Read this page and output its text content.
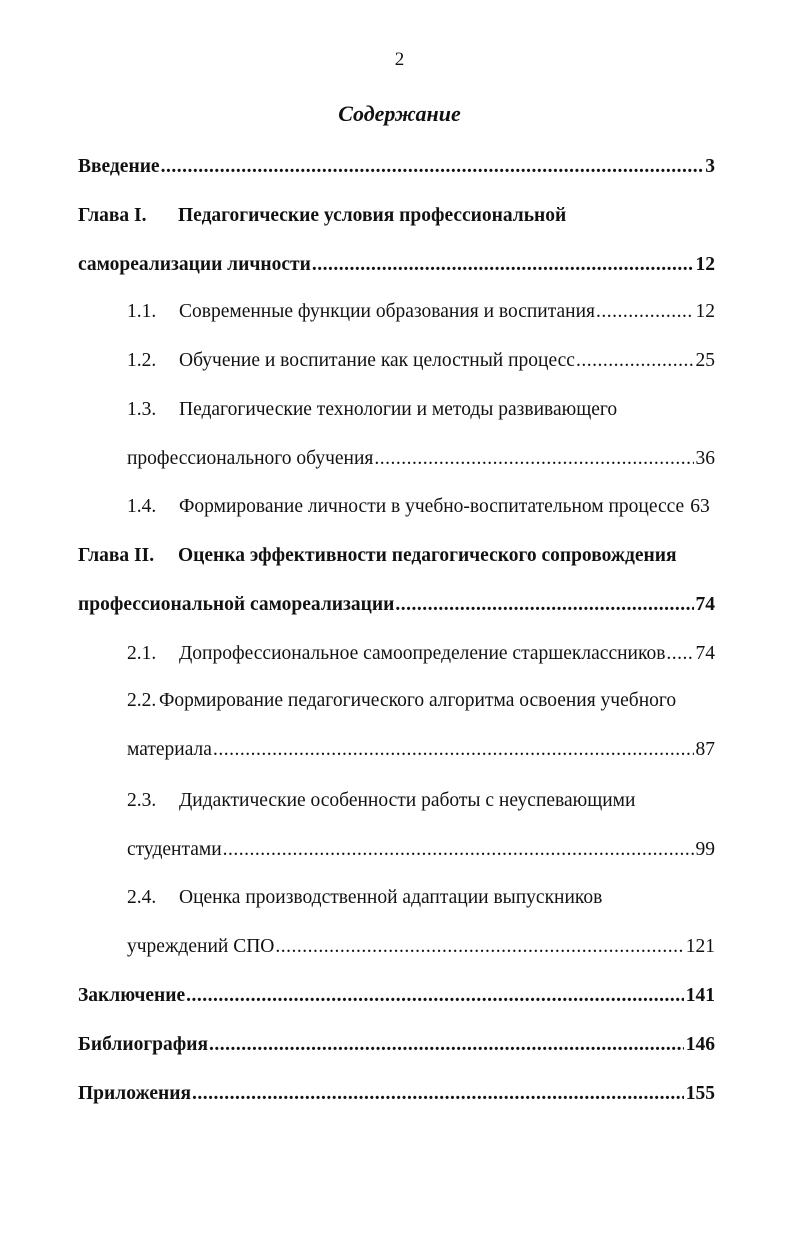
2
Содержание
Введение .....	3
Глава I.	Педагогические условия профессиональной
самореализации личности .....	12
1.1.	Современные функции образования и воспитания .....	12
1.2.	Обучение и воспитание как целостный процесс .....	25
1.3.	Педагогические технологии и методы развивающего
профессионального обучения .....	36
1.4.	Формирование личности в учебно-воспитательном процессе 63
Глава II.	Оценка эффективности педагогического сопровождения
профессиональной самореализации .....	74
2.1.	Допрофессиональное самоопределение старшеклассников ..... 74
2.2. Формирование педагогического алгоритма освоения учебного
материала .....	87
2.3.	Дидактические особенности работы с неуспевающими
студентами .....	99
2.4.	Оценка производственной адаптации выпускников
учреждений СПО .....	121
Заключение .....	141
Библиография .....	146
Приложения .....	155
